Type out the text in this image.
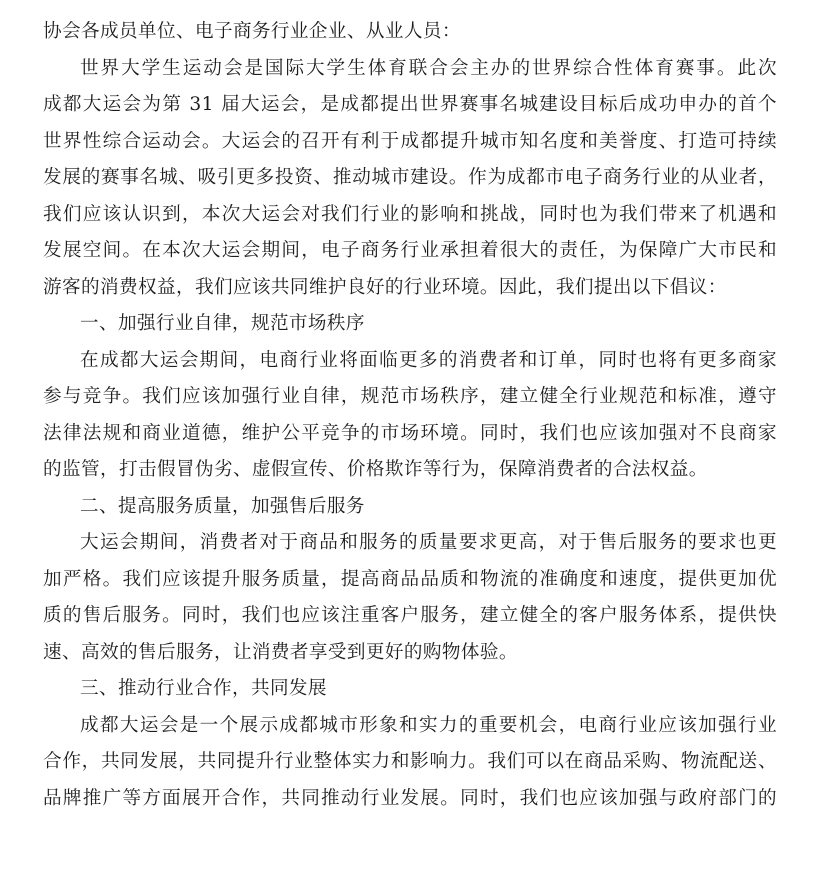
协会各成员单位、电子商务行业企业、从业人员：
世界大学生运动会是国际大学生体育联合会主办的世界综合性体育赛事。此次
成都大运会为第 31 届大运会，是成都提出世界赛事名城建设目标后成功申办的首个
世界性综合运动会。大运会的召开有利于成都提升城市知名度和美誉度、打造可持续
发展的赛事名城、吸引更多投资、推动城市建设。作为成都市电子商务行业的从业者，
我们应该认识到，本次大运会对我们行业的影响和挑战，同时也为我们带来了机遇和
发展空间。在本次大运会期间，电子商务行业承担着很大的责任，为保障广大市民和
游客的消费权益，我们应该共同维护良好的行业环境。因此，我们提出以下倡议：
一、加强行业自律，规范市场秩序
在成都大运会期间，电商行业将面临更多的消费者和订单，同时也将有更多商家
参与竞争。我们应该加强行业自律，规范市场秩序，建立健全行业规范和标准，遵守
法律法规和商业道德，维护公平竞争的市场环境。同时，我们也应该加强对不良商家
的监管，打击假冒伪劣、虚假宣传、价格欺诈等行为，保障消费者的合法权益。
二、提高服务质量，加强售后服务
大运会期间，消费者对于商品和服务的质量要求更高，对于售后服务的要求也更
加严格。我们应该提升服务质量，提高商品品质和物流的准确度和速度，提供更加优
质的售后服务。同时，我们也应该注重客户服务，建立健全的客户服务体系，提供快
速、高效的售后服务，让消费者享受到更好的购物体验。
三、推动行业合作，共同发展
成都大运会是一个展示成都城市形象和实力的重要机会，电商行业应该加强行业
合作，共同发展，共同提升行业整体实力和影响力。我们可以在商品采购、物流配送、
品牌推广等方面展开合作，共同推动行业发展。同时，我们也应该加强与政府部门的
